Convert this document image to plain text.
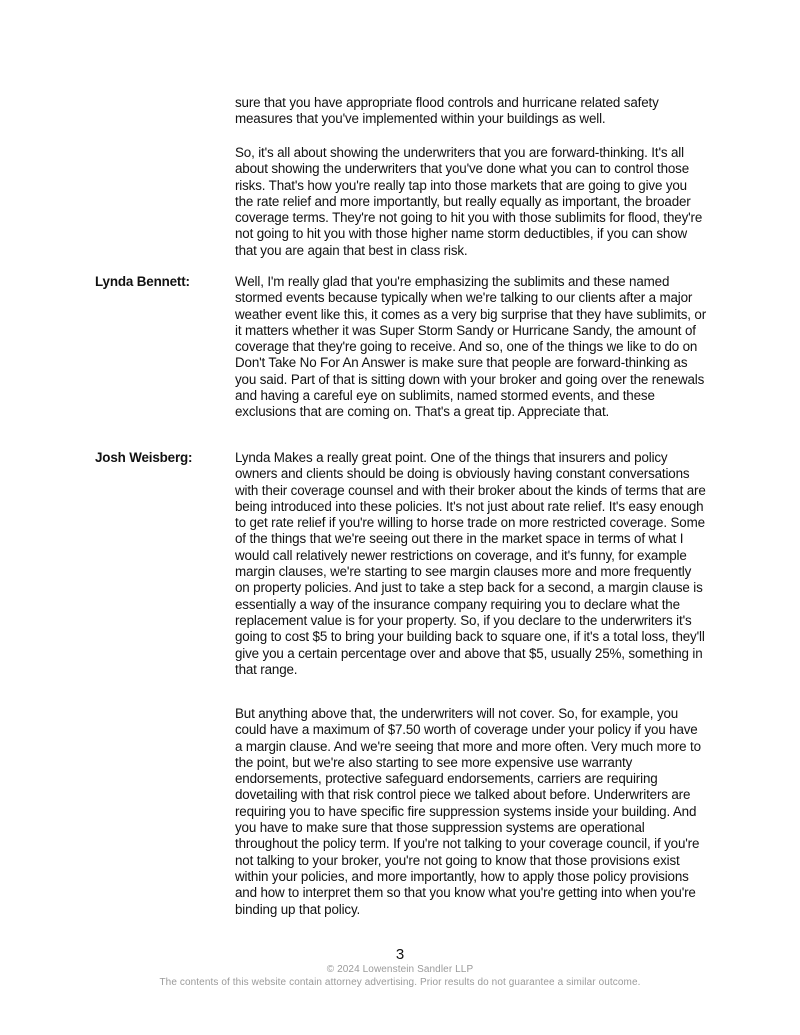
sure that you have appropriate flood controls and hurricane related safety measures that you've implemented within your buildings as well.

So, it's all about showing the underwriters that you are forward-thinking. It's all about showing the underwriters that you've done what you can to control those risks. That's how you're really tap into those markets that are going to give you the rate relief and more importantly, but really equally as important, the broader coverage terms. They're not going to hit you with those sublimits for flood, they're not going to hit you with those higher name storm deductibles, if you can show that you are again that best in class risk.

Lynda Bennett:	Well, I'm really glad that you're emphasizing the sublimits and these named stormed events because typically when we're talking to our clients after a major weather event like this, it comes as a very big surprise that they have sublimits, or it matters whether it was Super Storm Sandy or Hurricane Sandy, the amount of coverage that they're going to receive. And so, one of the things we like to do on Don't Take No For An Answer is make sure that people are forward-thinking as you said. Part of that is sitting down with your broker and going over the renewals and having a careful eye on sublimits, named stormed events, and these exclusions that are coming on. That's a great tip. Appreciate that.

Josh Weisberg:	Lynda Makes a really great point. One of the things that insurers and policy owners and clients should be doing is obviously having constant conversations with their coverage counsel and with their broker about the kinds of terms that are being introduced into these policies. It's not just about rate relief. It's easy enough to get rate relief if you're willing to horse trade on more restricted coverage. Some of the things that we're seeing out there in the market space in terms of what I would call relatively newer restrictions on coverage, and it's funny, for example margin clauses, we're starting to see margin clauses more and more frequently on property policies. And just to take a step back for a second, a margin clause is essentially a way of the insurance company requiring you to declare what the replacement value is for your property. So, if you declare to the underwriters it's going to cost $5 to bring your building back to square one, if it's a total loss, they'll give you a certain percentage over and above that $5, usually 25%, something in that range.

But anything above that, the underwriters will not cover. So, for example, you could have a maximum of $7.50 worth of coverage under your policy if you have a margin clause. And we're seeing that more and more often. Very much more to the point, but we're also starting to see more expensive use warranty endorsements, protective safeguard endorsements, carriers are requiring dovetailing with that risk control piece we talked about before. Underwriters are requiring you to have specific fire suppression systems inside your building. And you have to make sure that those suppression systems are operational throughout the policy term. If you're not talking to your coverage council, if you're not talking to your broker, you're not going to know that those provisions exist within your policies, and more importantly, how to apply those policy provisions and how to interpret them so that you know what you're getting into when you're binding up that policy.

3
© 2024 Lowenstein Sandler LLP
The contents of this website contain attorney advertising. Prior results do not guarantee a similar outcome.
